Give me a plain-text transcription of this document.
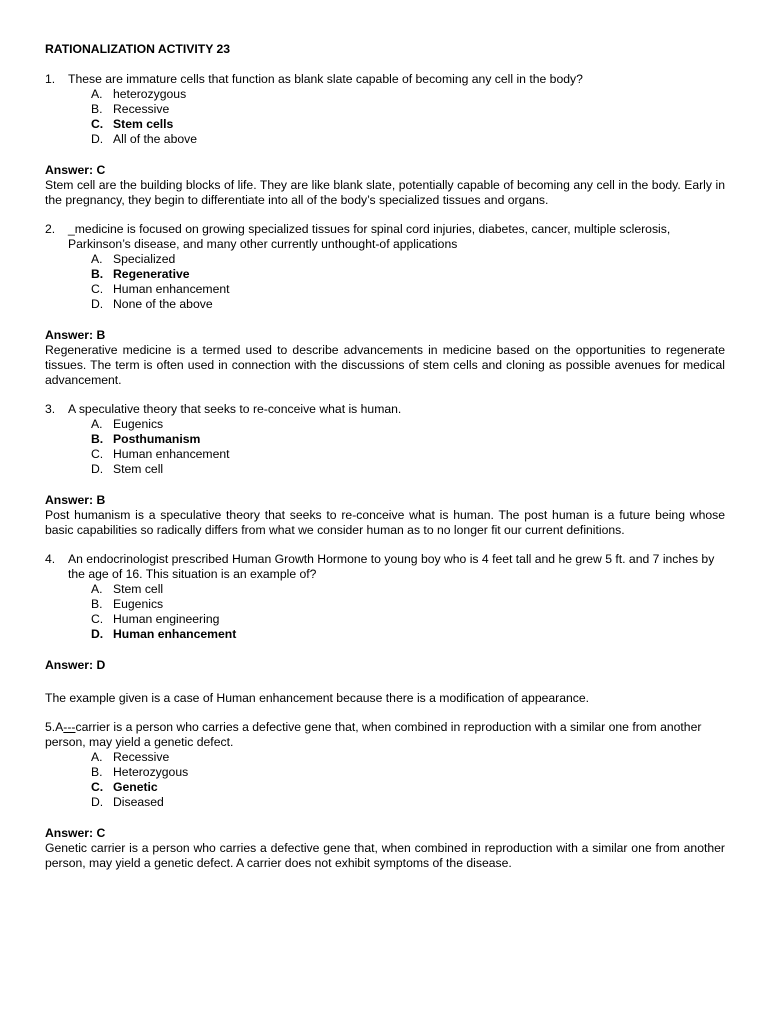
RATIONALIZATION ACTIVITY 23
1. These are immature cells that function as blank slate capable of becoming any cell in the body?
A. heterozygous
B. Recessive
C. Stem cells
D. All of the above
Answer: C
Stem cell are the building blocks of life. They are like blank slate, potentially capable of becoming any cell in the body. Early in the pregnancy, they begin to differentiate into all of the body’s specialized tissues and organs.
2. _medicine is focused on growing specialized tissues for spinal cord injuries, diabetes, cancer, multiple sclerosis, Parkinson’s disease, and many other currently unthought-of applications
A. Specialized
B. Regenerative
C. Human enhancement
D. None of the above
Answer: B
Regenerative medicine is a termed used to describe advancements in medicine based on the opportunities to regenerate tissues. The term is often used in connection with the discussions of stem cells and cloning as possible avenues for medical advancement.
3. A speculative theory that seeks to re-conceive what is human.
A. Eugenics
B. Posthumanism
C. Human enhancement
D. Stem cell
Answer: B
Post humanism is a speculative theory that seeks to re-conceive what is human. The post human is a future being whose basic capabilities so radically differs from what we consider human as to no longer fit our current definitions.
4. An endocrinologist prescribed Human Growth Hormone to young boy who is 4 feet tall and he grew 5 ft. and 7 inches by the age of 16. This situation is an example of?
A. Stem cell
B. Eugenics
C. Human engineering
D. Human enhancement
Answer: D
The example given is a case of Human enhancement because there is a modification of appearance.
5.A---carrier is a person who carries a defective gene that, when combined in reproduction with a similar one from another person, may yield a genetic defect.
A. Recessive
B. Heterozygous
C. Genetic
D. Diseased
Answer: C
Genetic carrier is a person who carries a defective gene that, when combined in reproduction with a similar one from another person, may yield a genetic defect. A carrier does not exhibit symptoms of the disease.
